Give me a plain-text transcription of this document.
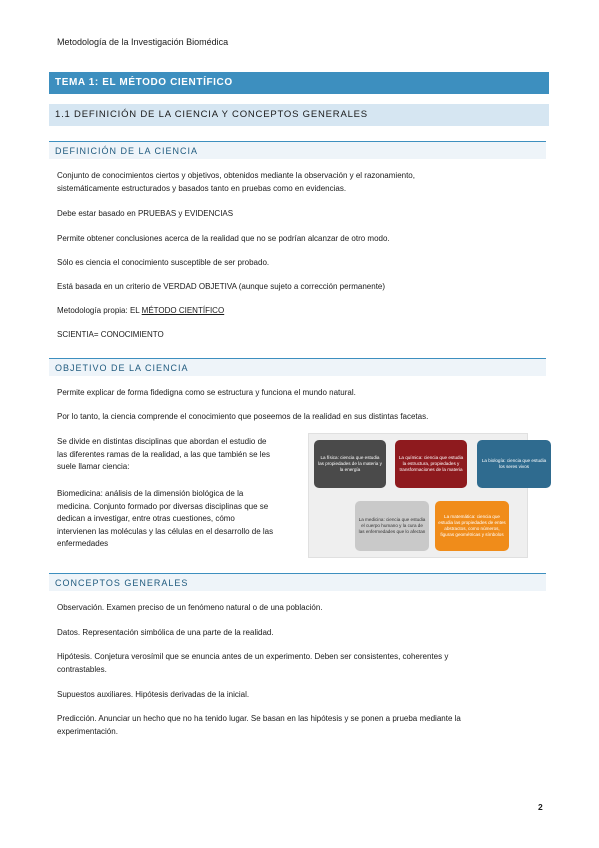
Metodología de la Investigación Biomédica
TEMA 1: EL MÉTODO CIENTÍFICO
1.1 DEFINICIÓN DE LA CIENCIA Y CONCEPTOS GENERALES
DEFINICIÓN DE LA CIENCIA
Conjunto de conocimientos ciertos y objetivos, obtenidos mediante la observación y el razonamiento,
sistemáticamente estructurados y basados tanto en pruebas como en evidencias.
Debe estar basado en PRUEBAS y EVIDENCIAS
Permite obtener conclusiones acerca de la realidad que no se podrían alcanzar de otro modo.
Sólo es ciencia el conocimiento susceptible de ser probado.
Está basada en un criterio de VERDAD OBJETIVA (aunque sujeto a corrección permanente)
Metodología propia: EL MÉTODO CIENTÍFICO
SCIENTIA= CONOCIMIENTO
OBJETIVO DE LA CIENCIA
Permite explicar de forma fidedigna como se estructura y funciona el mundo natural.
Por lo tanto, la ciencia comprende el conocimiento que poseemos de la realidad en sus distintas facetas.
Se divide en distintas disciplinas que abordan el estudio de
las diferentes ramas de la realidad, a las que también se les
suele llamar ciencia:
Biomedicina: análisis de la dimensión biológica de la
medicina. Conjunto formado por diversas disciplinas que se
dedican a investigar, entre otras cuestiones, cómo
intervienen las moléculas y las células en el desarrollo de las
enfermedades
La física: ciencia que estudia las propiedades de la materia y la energía
La química: ciencia que estudia la estructura, propiedades y transformaciones de la materia
La biología: ciencia que estudia los seres vivos
La medicina: ciencia que estudia el cuerpo humano y la cura de las enfermedades que lo afectan
La matemática: ciencia que estudia las propiedades de entes abstractos, como números, figuras geométricas y símbolos
CONCEPTOS GENERALES
Observación. Examen preciso de un fenómeno natural o de una población.
Datos. Representación simbólica de una parte de la realidad.
Hipótesis. Conjetura verosímil que se enuncia antes de un experimento. Deben ser consistentes, coherentes y
contrastables.
Supuestos auxiliares. Hipótesis derivadas de la inicial.
Predicción. Anunciar un hecho que no ha tenido lugar. Se basan en las hipótesis y se ponen a prueba mediante la
experimentación.
2
